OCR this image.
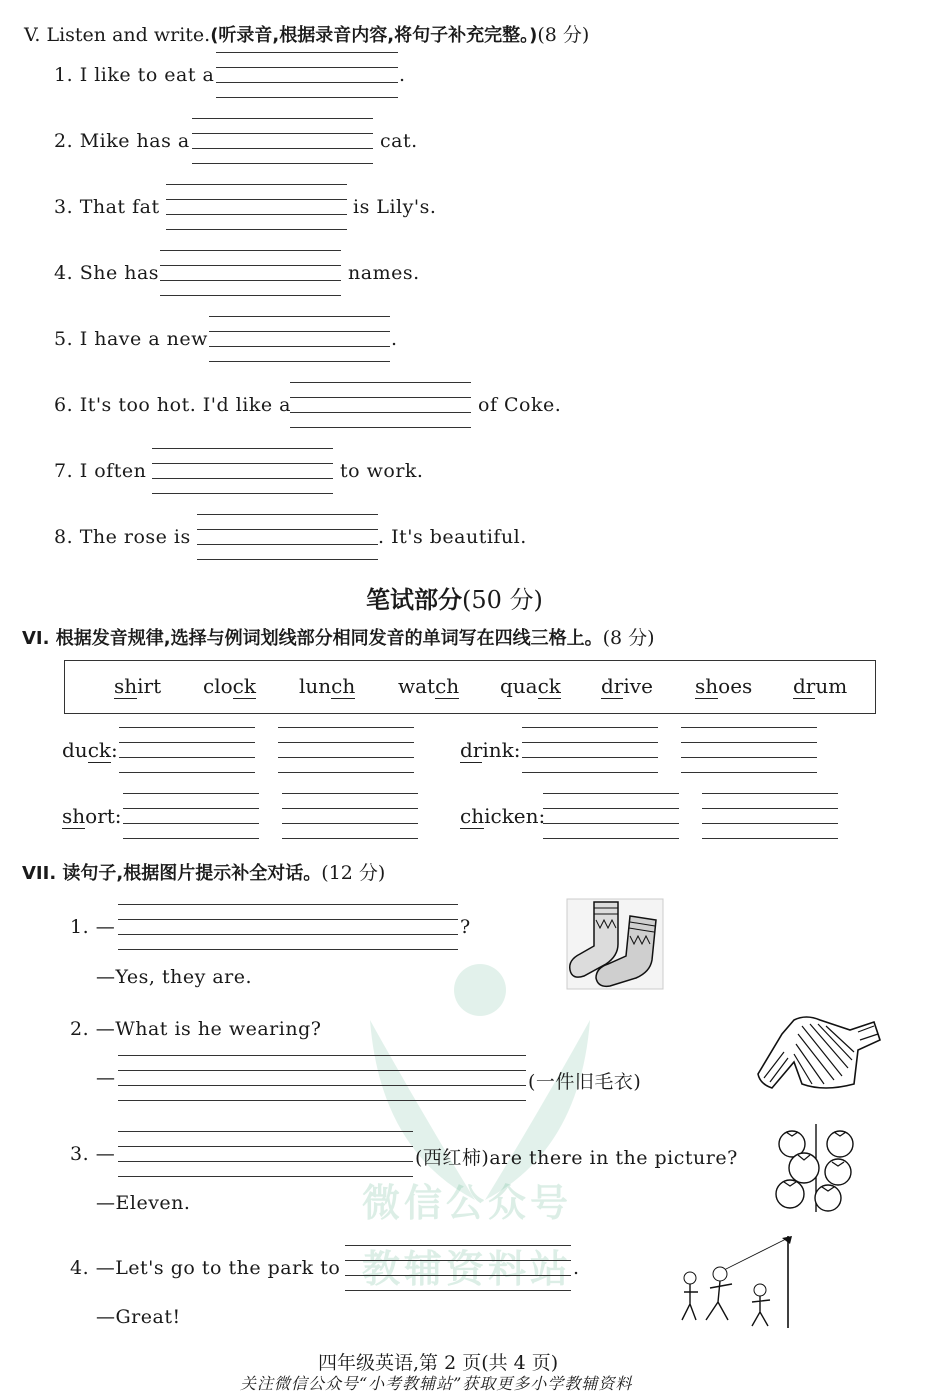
微信公众号
教辅资料站
V. Listen and write.(听录音,根据录音内容,将句子补充完整。)(8 分)
1. I like to eat a	.
2. Mike has a	cat.
3. That fat	is Lily's.
4. She has	names.
5. I have a new	.
6. It's too hot. I'd like a	of Coke.
7. I often	to work.
8. The rose is	. It's beautiful.
笔试部分(50 分)
VI. 根据发音规律,选择与例词划线部分相同发音的单词写在四线三格上。(8 分)
shirt clock lunch watch quack drive shoes drum
duck:	drink:
short:	chicken:
VII. 读句子,根据图片提示补全对话。(12 分)
1. —	?
—Yes, they are.
2. —What is he wearing?
—	(一件旧毛衣)
3. —	(西红柿)are there in the picture?
—Eleven.
4. —Let's go to the park to	.
—Great!
四年级英语,第 2 页(共 4 页)
关注微信公众号“小考教辅站”获取更多小学教辅资料
